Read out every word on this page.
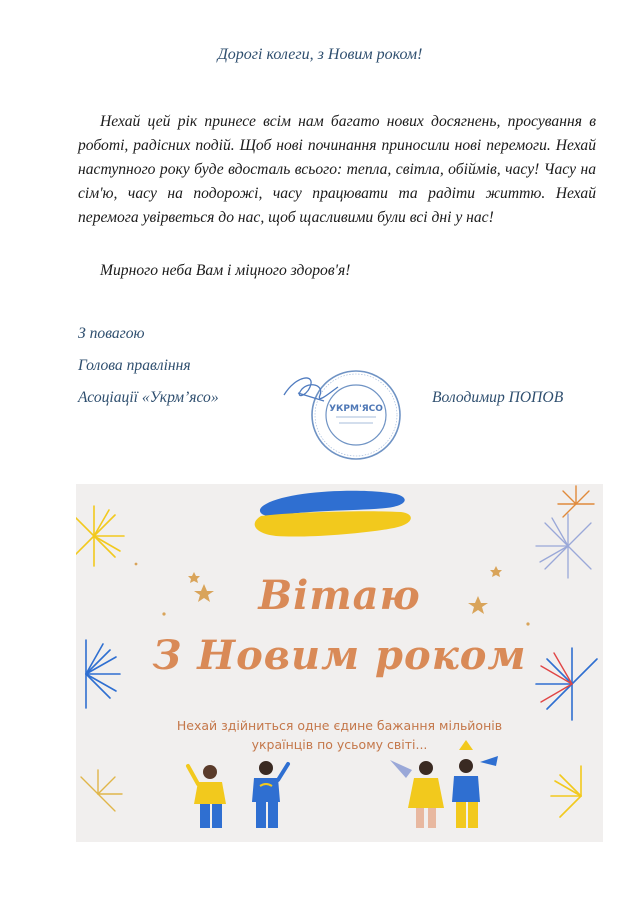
Дорогі колеги, з Новим роком!

Нехай цей рік принесе всім нам багато нових досягнень, просування в роботі, радісних подій. Щоб нові починання приносили нові перемоги. Нехай наступного року буде вдосталь всього: тепла, світла, обіймів, часу! Часу на сім'ю, часу на подорожі, часу працювати та радіти життю. Нехай перемога увірветься до нас, щоб щасливими були всі дні у нас!

Мирного неба Вам і міцного здоров'я!
З повагою
Голова правління
Асоціації «Укрм’ясо»	Володимир ПОПОВ
УКРМ'ЯСО
Вітаю
З Новим роком
Нехай здійниться одне єдине бажання мільйонів
українців по усьому світі...
